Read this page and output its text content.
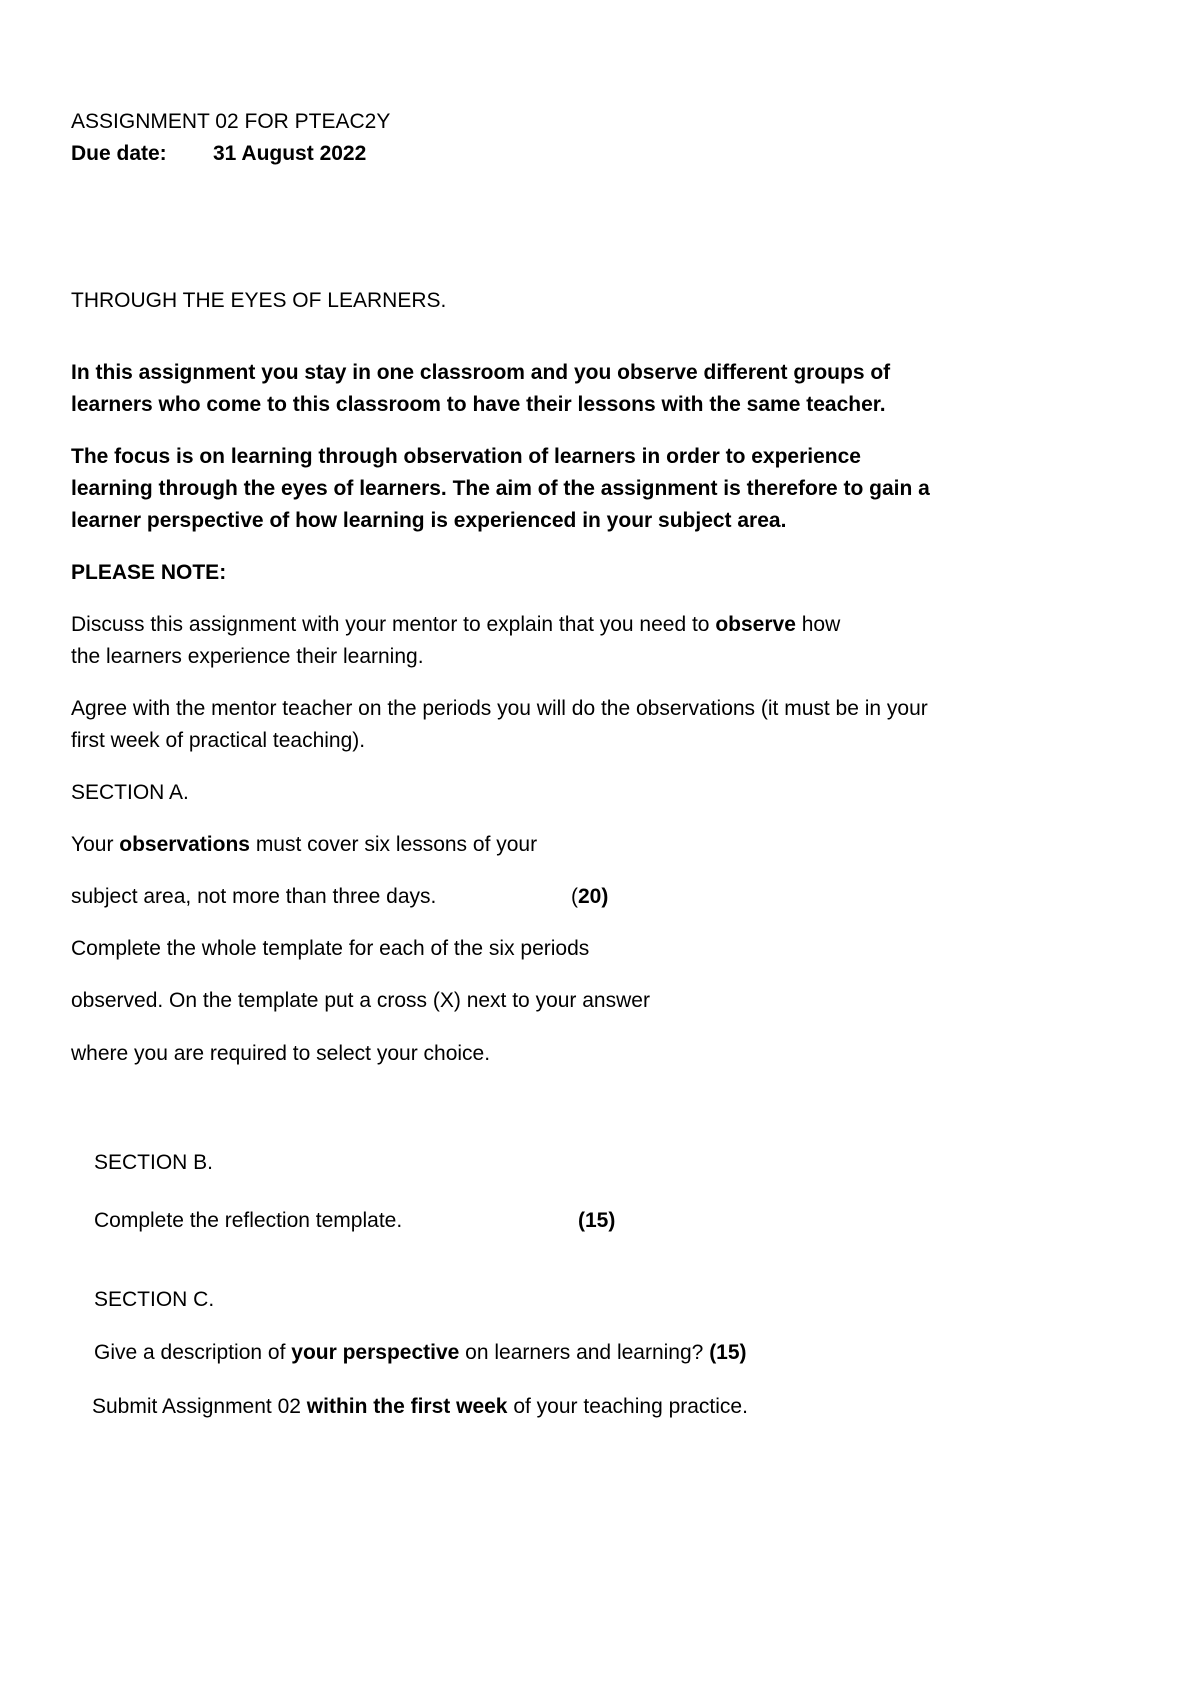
ASSIGNMENT 02 FOR PTEAC2Y
Due date: 31 August 2022
THROUGH THE EYES OF LEARNERS.
In this assignment you stay in one classroom and you observe different groups of
learners who come to this classroom to have their lessons with the same teacher.
The focus is on learning through observation of learners in order to experience
learning through the eyes of learners. The aim of the assignment is therefore to gain a
learner perspective of how learning is experienced in your subject area.
PLEASE NOTE:
Discuss this assignment with your mentor to explain that you need to observe how
the learners experience their learning.
Agree with the mentor teacher on the periods you will do the observations (it must be in your
first week of practical teaching).
SECTION A.
Your observations must cover six lessons of your
subject area, not more than three days.	(20)
Complete the whole template for each of the six periods
observed. On the template put a cross (X) next to your answer
where you are required to select your choice.
SECTION B.
Complete the reflection template.	(15)
SECTION C.
Give a description of your perspective on learners and learning? (15)
Submit Assignment 02 within the first week of your teaching practice.
